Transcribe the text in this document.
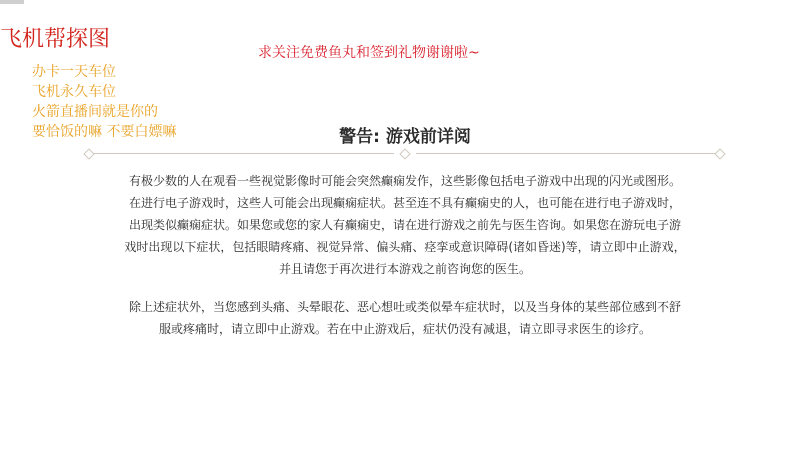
飞机帮探图
求关注免费鱼丸和签到礼物谢谢啦~
办卡一天车位
飞机永久车位
火箭直播间就是你的
要恰饭的嘛 不要白嫖嘛	警告: 游戏前详阅

有极少数的人在观看一些视觉影像时可能会突然癫痫发作，这些影像包括电子游戏中出现的闪光或图形。
在进行电子游戏时，这些人可能会出现癫痫症状。甚至连不具有癫痫史的人，也可能在进行电子游戏时，
出现类似癫痫症状。如果您或您的家人有癫痫史，请在进行游戏之前先与医生咨询。如果您在游玩电子游
戏时出现以下症状，包括眼睛疼痛、视觉异常、偏头痛、痉挛或意识障碍(诸如昏迷)等，请立即中止游戏，
并且请您于再次进行本游戏之前咨询您的医生。

除上述症状外，当您感到头痛、头晕眼花、恶心想吐或类似晕车症状时，以及当身体的某些部位感到不舒
服或疼痛时，请立即中止游戏。若在中止游戏后，症状仍没有减退，请立即寻求医生的诊疗。
